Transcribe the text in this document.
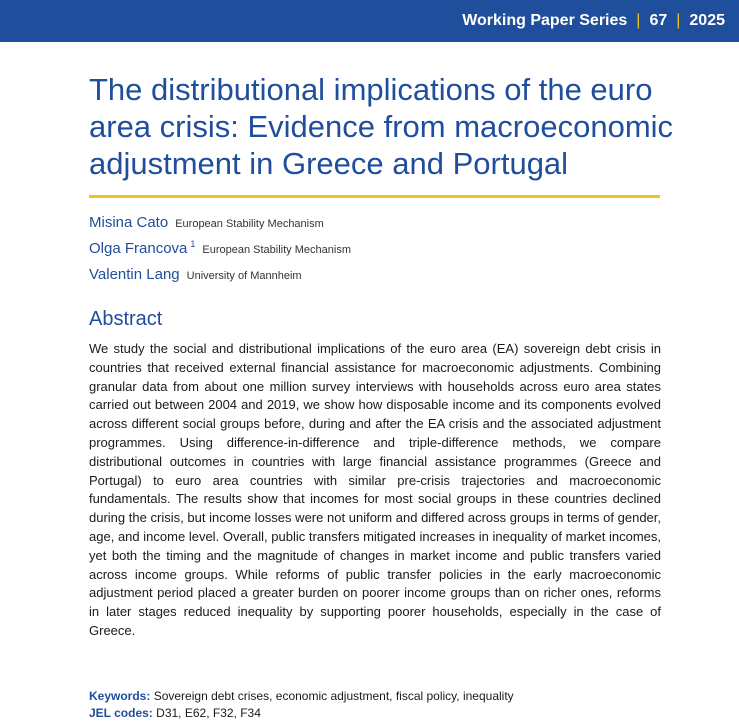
Working Paper Series | 67 | 2025
The distributional implications of the euro area crisis: Evidence from macroeconomic adjustment in Greece and Portugal
Misina Cato European Stability Mechanism
Olga Francova 1 European Stability Mechanism
Valentin Lang University of Mannheim
Abstract

We study the social and distributional implications of the euro area (EA) sovereign debt crisis in countries that received external financial assistance for macroeconomic adjustments. Combining granular data from about one million survey interviews with households across euro area states carried out between 2004 and 2019, we show how disposable income and its components evolved across different social groups before, during and after the EA crisis and the associated adjustment programmes. Using difference-in-difference and triple-difference methods, we compare distributional outcomes in countries with large financial assistance programmes (Greece and Portugal) to euro area countries with similar pre-crisis trajectories and macroeconomic fundamentals. The results show that incomes for most social groups in these countries declined during the crisis, but income losses were not uniform and differed across groups in terms of gender, age, and income level. Overall, public transfers mitigated increases in inequality of market incomes, yet both the timing and the magnitude of changes in market income and public transfers varied across income groups. While reforms of public transfer policies in the early macroeconomic adjustment period placed a greater burden on poorer income groups than on richer ones, reforms in later stages reduced inequality by supporting poorer households, especially in the case of Greece.

Keywords: Sovereign debt crises, economic adjustment, fiscal policy, inequality
JEL codes: D31, E62, F32, F34
